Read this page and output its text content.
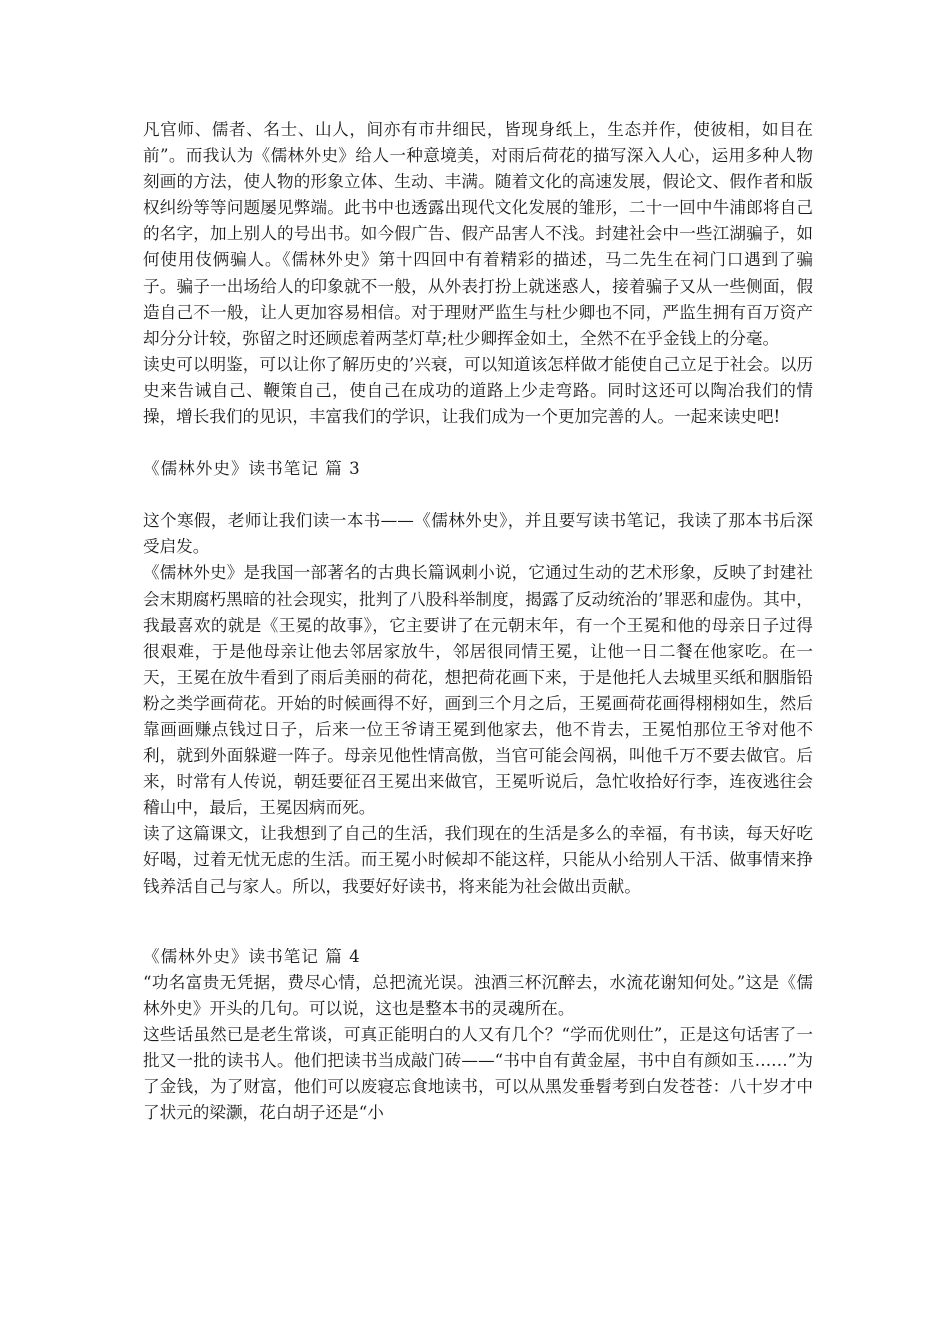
凡官师、儒者、名士、山人，间亦有市井细民，皆现身纸上，生态并作，使彼相，如目在前”。而我认为《儒林外史》给人一种意境美，对雨后荷花的描写深入人心，运用多种人物刻画的方法，使人物的形象立体、生动、丰满。随着文化的高速发展，假论文、假作者和版权纠纷等等问题屡见弊端。此书中也透露出现代文化发展的雏形，二十一回中牛浦郎将自己的名字，加上别人的号出书。如今假广告、假产品害人不浅。封建社会中一些江湖骗子，如何使用伎俩骗人。《儒林外史》第十四回中有着精彩的描述，马二先生在祠门口遇到了骗子。骗子一出场给人的印象就不一般，从外表打扮上就迷惑人，接着骗子又从一些侧面，假造自己不一般，让人更加容易相信。对于理财严监生与杜少卿也不同，严监生拥有百万资产却分分计较，弥留之时还顾虑着两茎灯草;杜少卿挥金如土，全然不在乎金钱上的分毫。

读史可以明鉴，可以让你了解历史的’兴衰，可以知道该怎样做才能使自己立足于社会。以历史来告诫自己、鞭策自己，使自己在成功的道路上少走弯路。同时这还可以陶冶我们的情操，增长我们的见识，丰富我们的学识，让我们成为一个更加完善的人。一起来读史吧!

《儒林外史》读书笔记 篇 3

这个寒假，老师让我们读一本书——《儒林外史》，并且要写读书笔记，我读了那本书后深受启发。

《儒林外史》是我国一部著名的古典长篇讽刺小说，它通过生动的艺术形象，反映了封建社会末期腐朽黑暗的社会现实，批判了八股科举制度，揭露了反动统治的’罪恶和虚伪。其中，我最喜欢的就是《王冕的故事》，它主要讲了在元朝末年，有一个王冕和他的母亲日子过得很艰难，于是他母亲让他去邻居家放牛，邻居很同情王冕，让他一日二餐在他家吃。在一天，王冕在放牛看到了雨后美丽的荷花，想把荷花画下来，于是他托人去城里买纸和胭脂铅粉之类学画荷花。开始的时候画得不好，画到三个月之后，王冕画荷花画得栩栩如生，然后靠画画赚点钱过日子，后来一位王爷请王冕到他家去，他不肯去，王冕怕那位王爷对他不利，就到外面躲避一阵子。母亲见他性情高傲，当官可能会闯祸，叫他千万不要去做官。后来，时常有人传说，朝廷要征召王冕出来做官，王冕听说后，急忙收拾好行李，连夜逃往会稽山中，最后，王冕因病而死。

读了这篇课文，让我想到了自己的生活，我们现在的生活是多么的幸福，有书读，每天好吃好喝，过着无忧无虑的生活。而王冕小时候却不能这样，只能从小给别人干活、做事情来挣钱养活自己与家人。所以，我要好好读书，将来能为社会做出贡献。

《儒林外史》读书笔记 篇 4

“功名富贵无凭据，费尽心情，总把流光误。浊酒三杯沉醉去，水流花谢知何处。”这是《儒林外史》开头的几句。可以说，这也是整本书的灵魂所在。

这些话虽然已是老生常谈，可真正能明白的人又有几个？“学而优则仕”，正是这句话害了一批又一批的读书人。他们把读书当成敲门砖——“书中自有黄金屋，书中自有颜如玉……”为了金钱，为了财富，他们可以废寝忘食地读书，可以从黑发垂髫考到白发苍苍：八十岁才中了状元的梁灏，花白胡子还是“小
